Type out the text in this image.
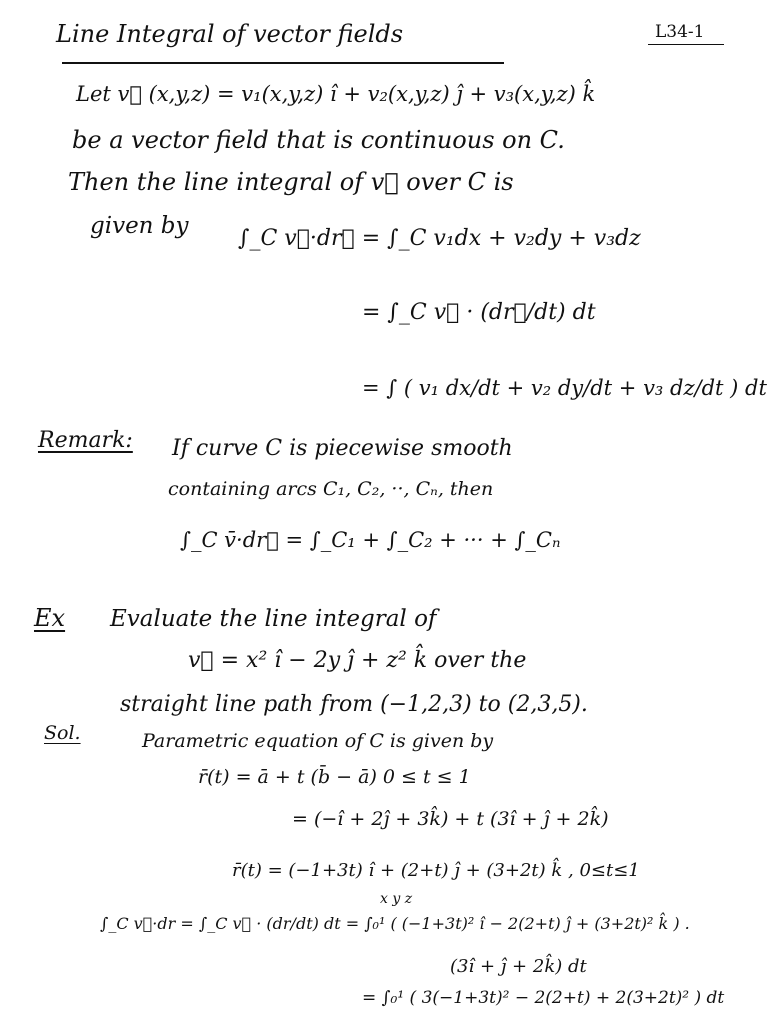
Line Integral of vector fields	L34-1
Let v⃗ (x,y,z) = v₁(x,y,z) î + v₂(x,y,z) ĵ + v₃(x,y,z) k̂
be a vector field that is continuous on C.
Then the line integral of v⃗ over C is
given by ∫_C v⃗·dr⃗ = ∫_C v₁dx + v₂dy + v₃dz
= ∫_C v⃗ · (dr⃗/dt) dt
= ∫ ( v₁ dx/dt + v₂ dy/dt + v₃ dz/dt ) dt
Remark: If curve C is piecewise smooth
containing arcs C₁, C₂, ··, Cₙ, then
∫_C v̄·dr⃗ = ∫_C₁ + ∫_C₂ + ··· + ∫_Cₙ
Ex Evaluate the line integral of
v⃗ = x² î − 2y ĵ + z² k̂ over the
straight line path from (−1,2,3) to (2,3,5).
Sol.	Parametric equation of C is given by
r̄(t) = ā + t (b̄ − ā) 0 ≤ t ≤ 1
= (−î + 2ĵ + 3k̂) + t (3î + ĵ + 2k̂)
r̄(t) = (−1+3t) î + (2+t) ĵ + (3+2t) k̂ , 0≤t≤1
x y z
∫_C v⃗·dr = ∫_C v⃗ · (dr/dt) dt = ∫₀¹ ( (−1+3t)² î − 2(2+t) ĵ + (3+2t)² k̂ ) .
(3î + ĵ + 2k̂) dt
= ∫₀¹ ( 3(−1+3t)² − 2(2+t) + 2(3+2t)² ) dt
